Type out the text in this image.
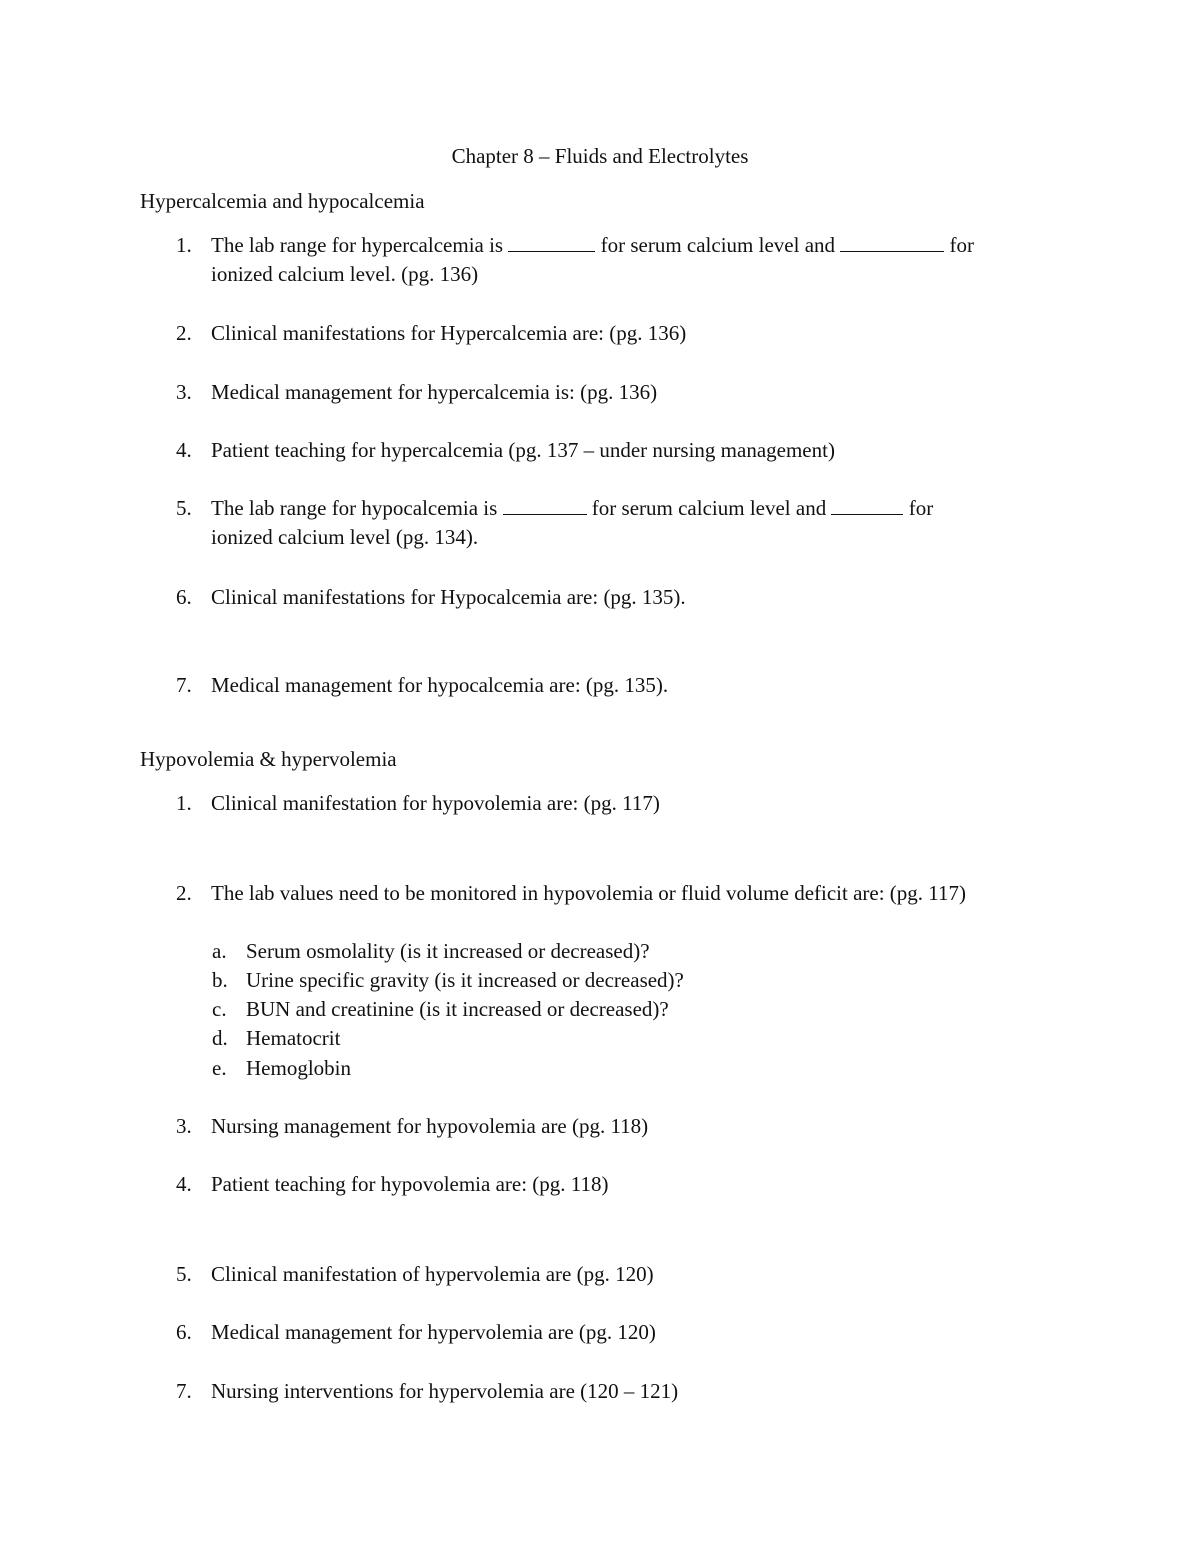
Chapter 8 – Fluids and Electrolytes
Hypercalcemia and hypocalcemia
1. The lab range for hypercalcemia is	for serum calcium level and	for
ionized calcium level. (pg. 136)
2. Clinical manifestations for Hypercalcemia are: (pg. 136)
3. Medical management for hypercalcemia is: (pg. 136)
4. Patient teaching for hypercalcemia (pg. 137 – under nursing management)
5. The lab range for hypocalcemia is	for serum calcium level and	for
ionized calcium level (pg. 134).
6. Clinical manifestations for Hypocalcemia are: (pg. 135).
7. Medical management for hypocalcemia are: (pg. 135).
Hypovolemia & hypervolemia
1. Clinical manifestation for hypovolemia are: (pg. 117)
2. The lab values need to be monitored in hypovolemia or fluid volume deficit are: (pg. 117)
a. Serum osmolality (is it increased or decreased)?
b. Urine specific gravity (is it increased or decreased)?
c. BUN and creatinine (is it increased or decreased)?
d. Hematocrit
e. Hemoglobin
3. Nursing management for hypovolemia are (pg. 118)
4. Patient teaching for hypovolemia are: (pg. 118)
5. Clinical manifestation of hypervolemia are (pg. 120)
6. Medical management for hypervolemia are (pg. 120)
7. Nursing interventions for hypervolemia are (120 – 121)
